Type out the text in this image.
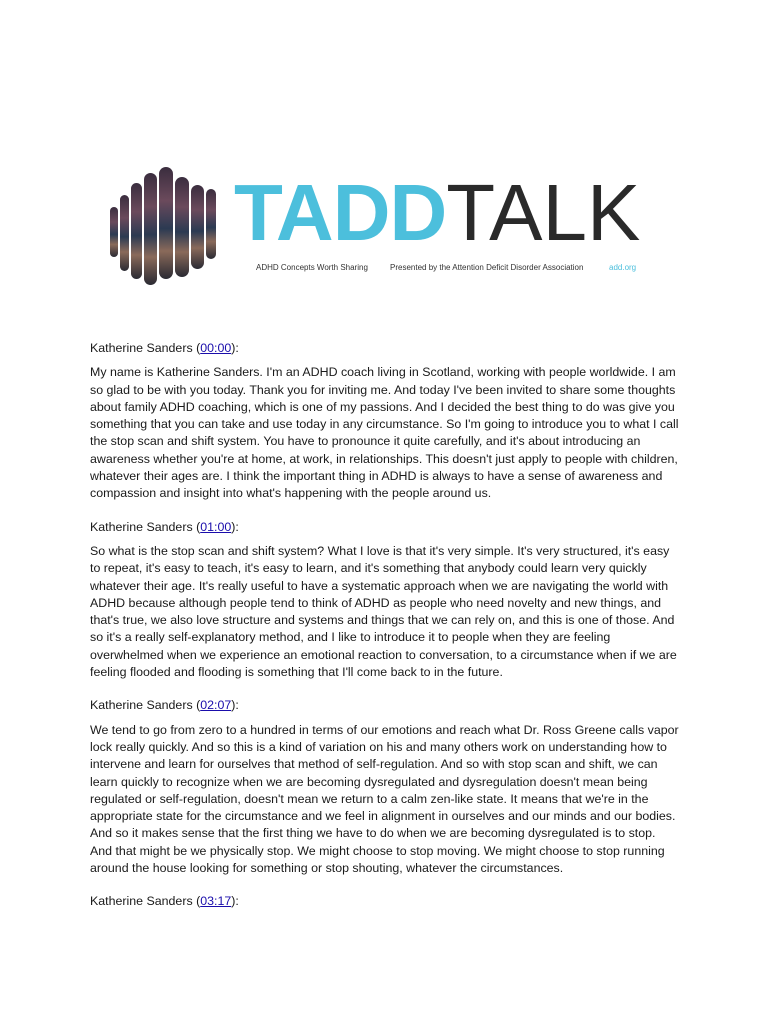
TADDTALK
ADHD Concepts Worth Sharing	Presented by the Attention Deficit Disorder Association	add.org

Katherine Sanders (00:00):

My name is Katherine Sanders. I'm an ADHD coach living in Scotland, working with people worldwide. I am so glad to be with you today. Thank you for inviting me. And today I've been invited to share some thoughts about family ADHD coaching, which is one of my passions. And I decided the best thing to do was give you something that you can take and use today in any circumstance. So I'm going to introduce you to what I call the stop scan and shift system. You have to pronounce it quite carefully, and it's about introducing an awareness whether you're at home, at work, in relationships. This doesn't just apply to people with children, whatever their ages are. I think the important thing in ADHD is always to have a sense of awareness and compassion and insight into what's happening with the people around us.

Katherine Sanders (01:00):

So what is the stop scan and shift system? What I love is that it's very simple. It's very structured, it's easy to repeat, it's easy to teach, it's easy to learn, and it's something that anybody could learn very quickly whatever their age. It's really useful to have a systematic approach when we are navigating the world with ADHD because although people tend to think of ADHD as people who need novelty and new things, and that's true, we also love structure and systems and things that we can rely on, and this is one of those. And so it's a really self-explanatory method, and I like to introduce it to people when they are feeling overwhelmed when we experience an emotional reaction to conversation, to a circumstance when if we are feeling flooded and flooding is something that I'll come back to in the future.

Katherine Sanders (02:07):

We tend to go from zero to a hundred in terms of our emotions and reach what Dr. Ross Greene calls vapor lock really quickly. And so this is a kind of variation on his and many others work on understanding how to intervene and learn for ourselves that method of self-regulation. And so with stop scan and shift, we can learn quickly to recognize when we are becoming dysregulated and dysregulation doesn't mean being regulated or self-regulation, doesn't mean we return to a calm zen-like state. It means that we're in the appropriate state for the circumstance and we feel in alignment in ourselves and our minds and our bodies. And so it makes sense that the first thing we have to do when we are becoming dysregulated is to stop. And that might be we physically stop. We might choose to stop moving. We might choose to stop running around the house looking for something or stop shouting, whatever the circumstances.

Katherine Sanders (03:17):
